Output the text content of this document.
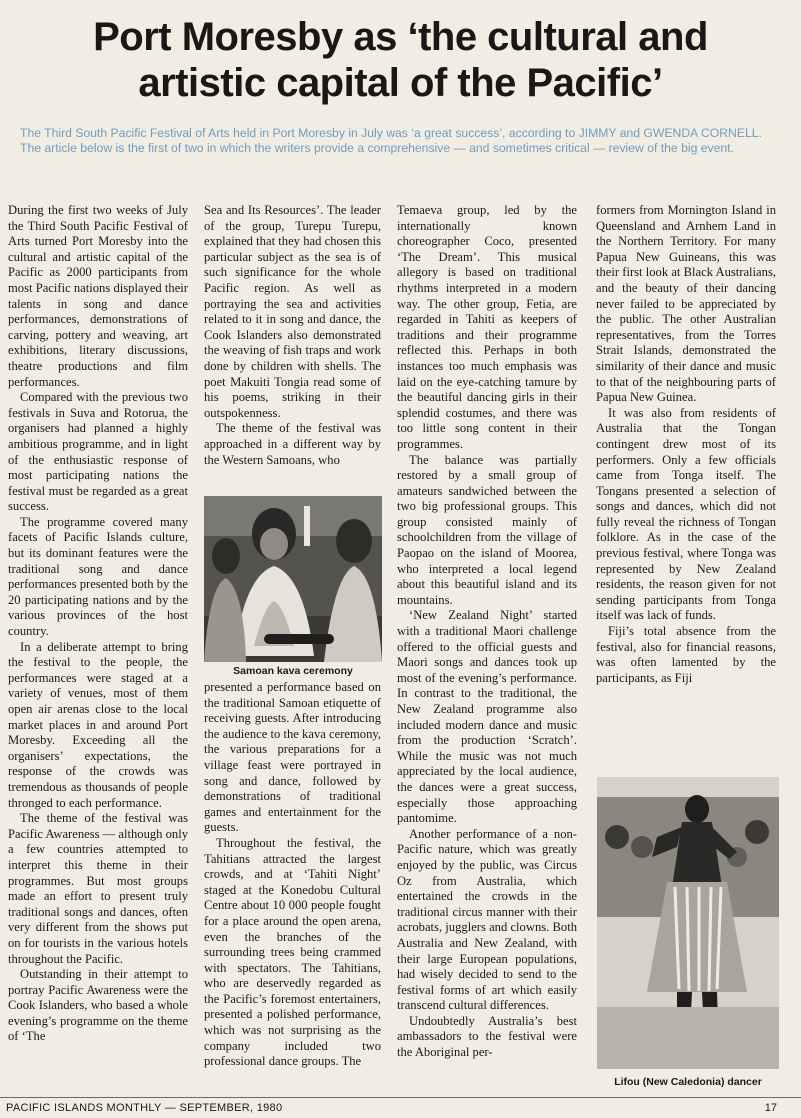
Port Moresby as ‘the cultural and
artistic capital of the Pacific’

The Third South Pacific Festival of Arts held in Port Moresby in July was ‘a great success’, according to JIMMY and GWENDA CORNELL. The article below is the first of two in which the writers provide a comprehensive — and sometimes critical — review of the big event.

During the first two weeks of July the Third South Pacific Festival of Arts turned Port Moresby into the cultural and artistic capital of the Pacific as 2000 participants from most Pacific nations displayed their talents in song and dance performances, demonstrations of carving, pottery and weaving, art exhibitions, literary discussions, theatre productions and film performances.

Compared with the previous two festivals in Suva and Rotorua, the organisers had planned a highly ambitious programme, and in light of the enthusiastic response of most participating nations the festival must be regarded as a great success.

The programme covered many facets of Pacific Islands culture, but its dominant features were the traditional song and dance performances presented both by the 20 participating nations and by the various provinces of the host country.

In a deliberate attempt to bring the festival to the people, the performances were staged at a variety of venues, most of them open air arenas close to the local market places in and around Port Moresby. Exceeding all the organisers’ expectations, the response of the crowds was tremendous as thousands of people thronged to each performance.

The theme of the festival was Pacific Awareness — although only a few countries attempted to interpret this theme in their programmes. But most groups made an effort to present truly traditional songs and dances, often very different from the shows put on for tourists in the various hotels throughout the Pacific.

Outstanding in their attempt to portray Pacific Awareness were the Cook Islanders, who based a whole evening’s programme on the theme of ‘The

Sea and Its Resources’. The leader of the group, Turepu Turepu, explained that they had chosen this particular subject as the sea is of such significance for the whole Pacific region. As well as portraying the sea and activities related to it in song and dance, the Cook Islanders also demonstrated the weaving of fish traps and work done by children with shells. The poet Makuiti Tongia read some of his poems, striking in their outspokenness.

The theme of the festival was approached in a different way by the Western Samoans, who

Samoan kava ceremony

presented a performance based on the traditional Samoan etiquette of receiving guests. After introducing the audience to the kava ceremony, the various preparations for a village feast were portrayed in song and dance, followed by demonstrations of traditional games and entertainment for the guests.

Throughout the festival, the Tahitians attracted the largest crowds, and at ‘Tahiti Night’ staged at the Konedobu Cultural Centre about 10 000 people fought for a place around the open arena, even the branches of the surrounding trees being crammed with spectators. The Tahitians, who are deservedly regarded as the Pacific’s foremost entertainers, presented a polished performance, which was not surprising as the company included two professional dance groups. The

Temaeva group, led by the internationally known choreographer Coco, presented ‘The Dream’. This musical allegory is based on traditional rhythms interpreted in a modern way. The other group, Fetia, are regarded in Tahiti as keepers of traditions and their programme reflected this. Perhaps in both instances too much emphasis was laid on the eye-catching tamure by the beautiful dancing girls in their splendid costumes, and there was too little song content in their programmes.

The balance was partially restored by a small group of amateurs sandwiched between the two big professional groups. This group consisted mainly of schoolchildren from the village of Paopao on the island of Moorea, who interpreted a local legend about this beautiful island and its mountains.

‘New Zealand Night’ started with a traditional Maori challenge offered to the official guests and Maori songs and dances took up most of the evening’s performance. In contrast to the traditional, the New Zealand programme also included modern dance and music from the production ‘Scratch’. While the music was not much appreciated by the local audience, the dances were a great success, especially those approaching pantomime.

Another performance of a non-Pacific nature, which was greatly enjoyed by the public, was Circus Oz from Australia, which entertained the crowds in the traditional circus manner with their acrobats, jugglers and clowns. Both Australia and New Zealand, with their large European populations, had wisely decided to send to the festival forms of art which easily transcend cultural differences.

Undoubtedly Australia’s best ambassadors to the festival were the Aboriginal per-

formers from Mornington Island in Queensland and Arnhem Land in the Northern Territory. For many Papua New Guineans, this was their first look at Black Australians, and the beauty of their dancing never failed to be appreciated by the public. The other Australian representatives, from the Torres Strait Islands, demonstrated the similarity of their dance and music to that of the neighbouring parts of Papua New Guinea.

It was also from residents of Australia that the Tongan contingent drew most of its performers. Only a few officials came from Tonga itself. The Tongans presented a selection of songs and dances, which did not fully reveal the richness of Tongan folklore. As in the case of the previous festival, where Tonga was represented by New Zealand residents, the reason given for not sending participants from Tonga itself was lack of funds.

Fiji’s total absence from the festival, also for financial reasons, was often lamented by the participants, as Fiji

Lifou (New Caledonia) dancer
PACIFIC ISLANDS MONTHLY — SEPTEMBER, 1980	17
